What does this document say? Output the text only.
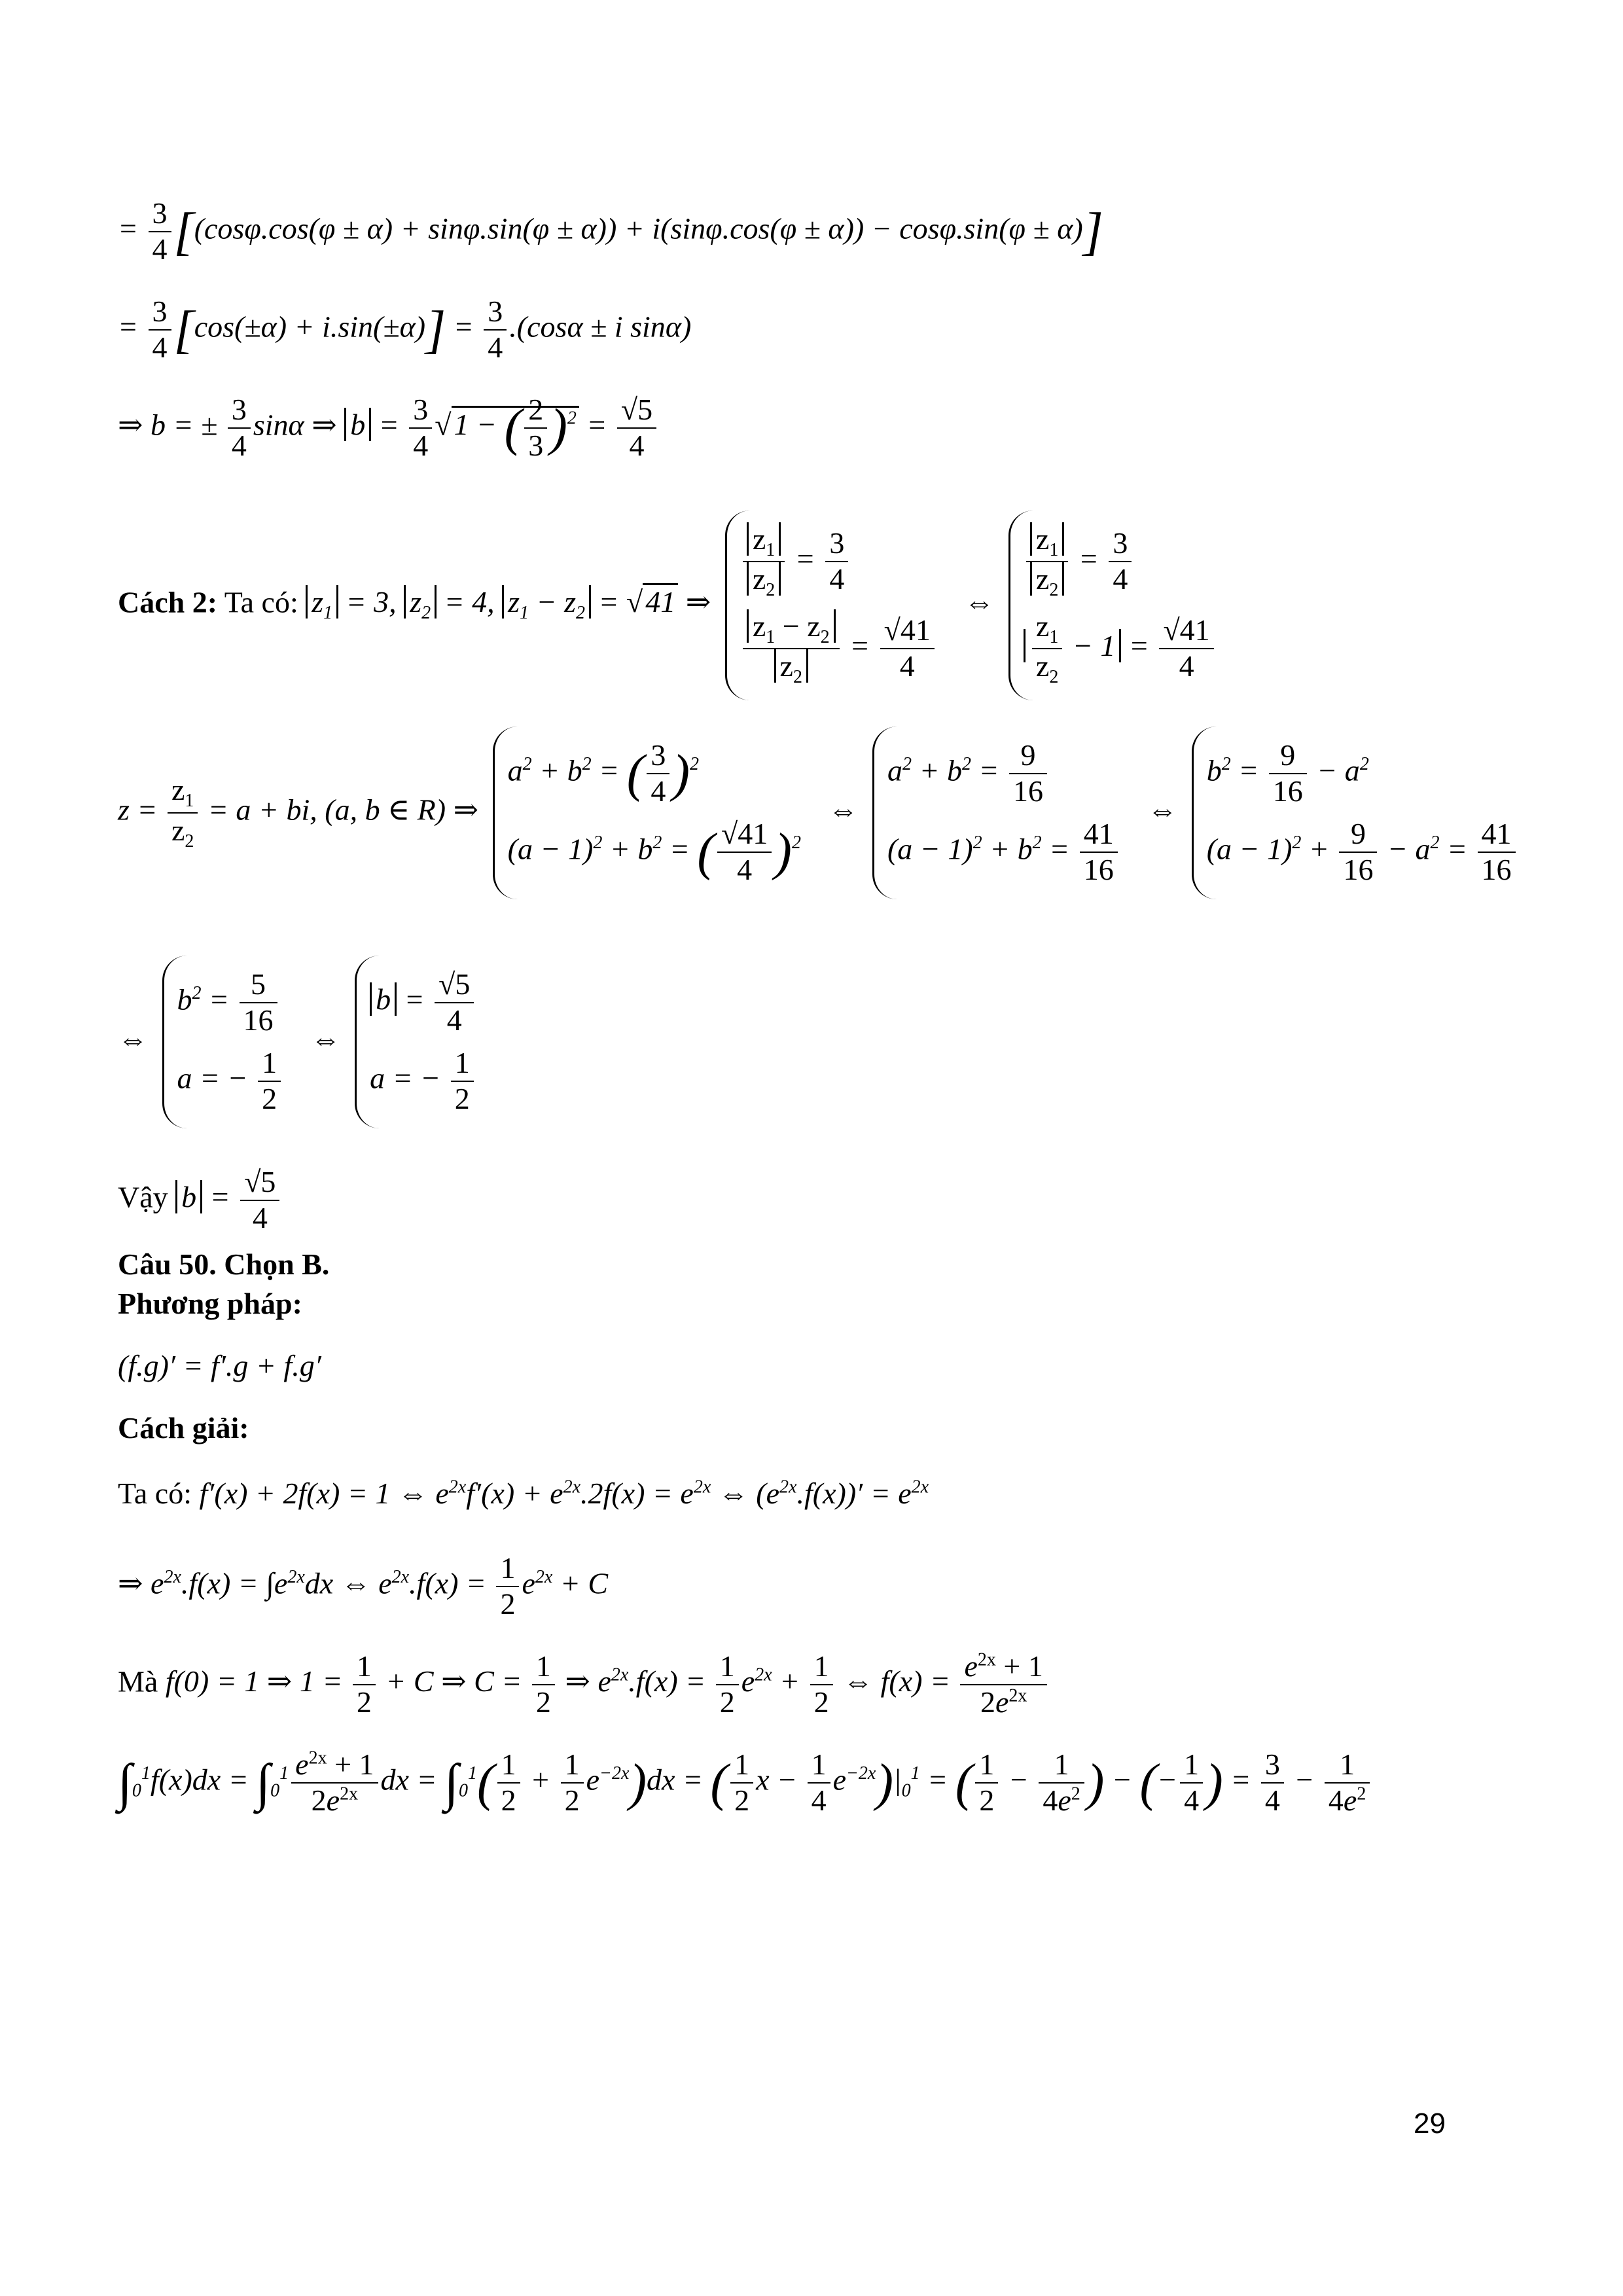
= $\frac{3}{4} [(\cos\varphi.\cos(\varphi \pm \alpha) + \sin\varphi.\sin(\varphi \pm \alpha)) + i(\sin\varphi.\cos(\varphi \pm \alpha)) - \cos\varphi.\sin(\varphi \pm \alpha)]$
= $\frac{3}{4} [\cos(\pm\alpha) + i.\sin(\pm\alpha)] = \frac{3}{4} .(\cos\alpha \pm i$ sinα)
⇒ b = ± $\frac{3}{4}$ sinα ⇒ $b = \frac{3}{4} √1$ − ( $\frac{2}{3} )^2 = \frac{√5}{4}$
Cách 2: Ta có: $z_1 = 3$, $z_2 = 4$, $z_1 - z_2 = √41$ ⇒
$\frac{z_1}{z_2} = \frac{3}{4}$
$\frac{z_1 - z_2}{z_2} = \frac{√41}{4}$
⇔
$\frac{z_1}{z_2} = \frac{3}{4}$
$\frac{z_1}{z_2} - 1 = \frac{√41}{4}$
$z = \frac{z_1}{z_2} = a$ + bi, (a, b ∈ R) ⇒
$a^2 + b^2$ = ( $\frac{3}{4} )^2$
$(a - 1)^2 + b^2$ = ( $\frac{√41}{4} )^2$
⇔
$a^2 + b^2 = \frac{9}{16}$
$(a - 1)^2 + b^2 = \frac{41}{16}$
⇔
$b^2 = \frac{9}{16} - a^2$
$(a - 1)^2 + \frac{9}{16} - a^2 = \frac{41}{16}$
⇔
$b^2 = \frac{5}{16}$
a = − $\frac{1}{2}$
⇔
$b = \frac{√5}{4}$
a = − $\frac{1}{2}$
Vậy $b = \frac{√5}{4}$
Câu 50. Chọn B.
Phương pháp:
(f.g)′ = f′.g + f.g′
Cách giải:
Ta có: f′(x) + 2f(x) = 1 ⇔ $e^{2x}f'(x) + e^{2x}.2f(x) = e^{2x}$ ⇔ $(e^{2x}.f(x))' = e^{2x}$
⇒ $e^{2x}.f(x) = \int e^{2x}dx$ ⇔ $e^{2x}.f(x) = \frac{1}{2} e^{2x} + C$
Mà f(0) = 1 ⇒ $1 = \frac{1}{2} + C$ ⇒ $C = \frac{1}{2}$ ⇒ $e^{2x}.f(x) = \frac{1}{2} e^{2x} + \frac{1}{2}$ ⇔ $f(x) = \frac{e^{2x} + 1}{2e^{2x}}$
$\int_0^1f(x)dx = \int_0^1 \frac{e^{2x} + 1}{2e^{2x}}$ dx = $\int_0^1( \frac{1}{2} + \frac{1}{2} e^{-2x})dx$ = ( $\frac{1}{2}$ $x - \frac{1}{4} e^{-2x})|_0^1$ = ( $\frac{1}{2} - \frac{1}{4e^2}$ ) − (− $\frac{1}{4}$ ) = $\frac{3}{4} - \frac{1}{4e^2}$
29
